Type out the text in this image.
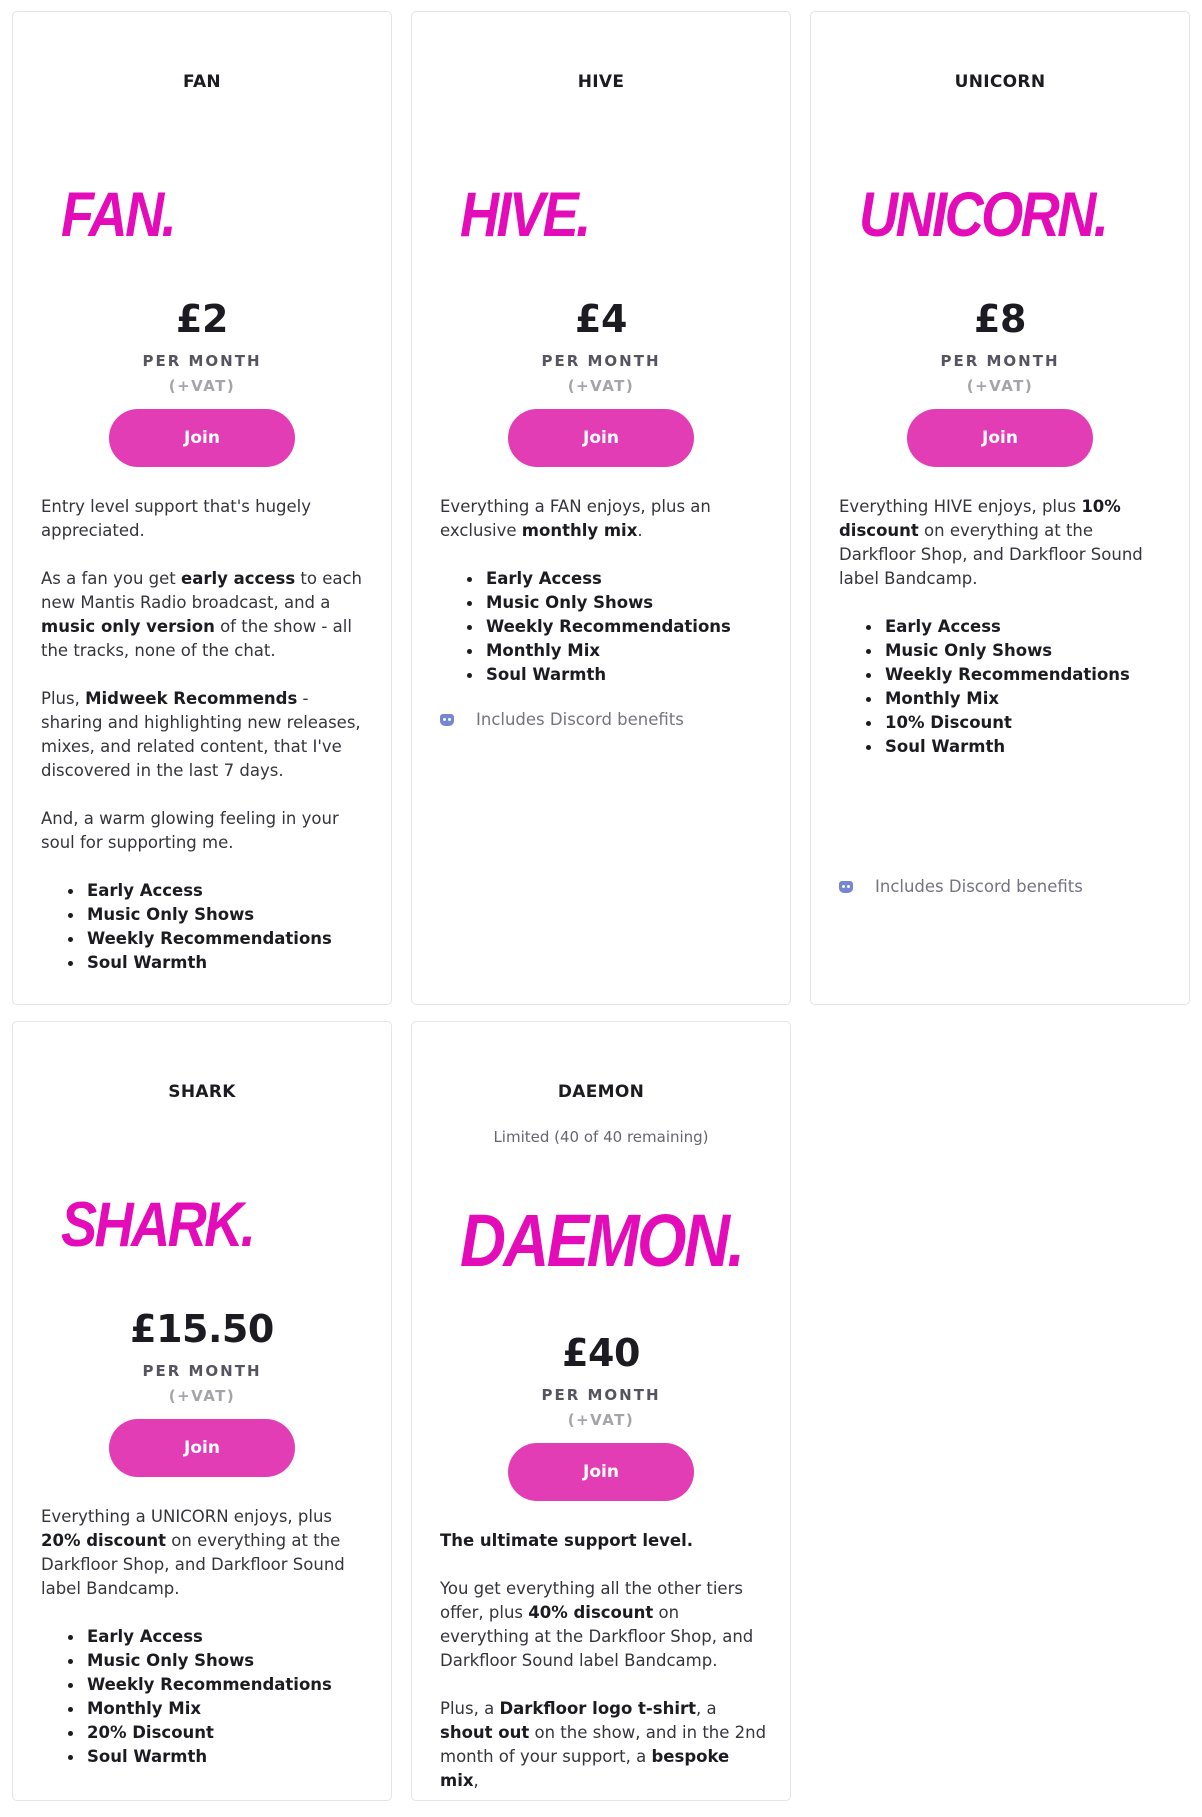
FAN
FAN.
£2
PER MONTH
(+VAT)
Join

Entry level support that's hugely appreciated.

As a fan you get early access to each new Mantis Radio broadcast, and a music only version of the show - all the tracks, none of the chat.

Plus, Midweek Recommends - sharing and highlighting new releases, mixes, and related content, that I've discovered in the last 7 days.

And, a warm glowing feeling in your soul for supporting me.

Early Access
Music Only Shows
Weekly Recommendations
Soul Warmth
HIVE
HIVE.
£4
PER MONTH
(+VAT)
Join

Everything a FAN enjoys, plus an exclusive monthly mix.

Early Access
Music Only Shows
Weekly Recommendations
Monthly Mix
Soul Warmth
Includes Discord benefits
UNICORN
UNICORN.
£8
PER MONTH
(+VAT)
Join

Everything HIVE enjoys, plus 10% discount on everything at the Darkfloor Shop, and Darkfloor Sound label Bandcamp.

Early Access
Music Only Shows
Weekly Recommendations
Monthly Mix
10% Discount
Soul Warmth
Includes Discord benefits
SHARK
SHARK.
£15.50
PER MONTH
(+VAT)
Join

Everything a UNICORN enjoys, plus 20% discount on everything at the Darkfloor Shop, and Darkfloor Sound label Bandcamp.

Early Access
Music Only Shows
Weekly Recommendations
Monthly Mix
20% Discount
Soul Warmth
DAEMON
Limited (40 of 40 remaining)
DAEMON.
£40
PER MONTH
(+VAT)
Join

The ultimate support level.

You get everything all the other tiers offer, plus 40% discount on everything at the Darkfloor Shop, and Darkfloor Sound label Bandcamp.

Plus, a Darkfloor logo t-shirt, a shout out on the show, and in the 2nd month of your support, a bespoke mix,
